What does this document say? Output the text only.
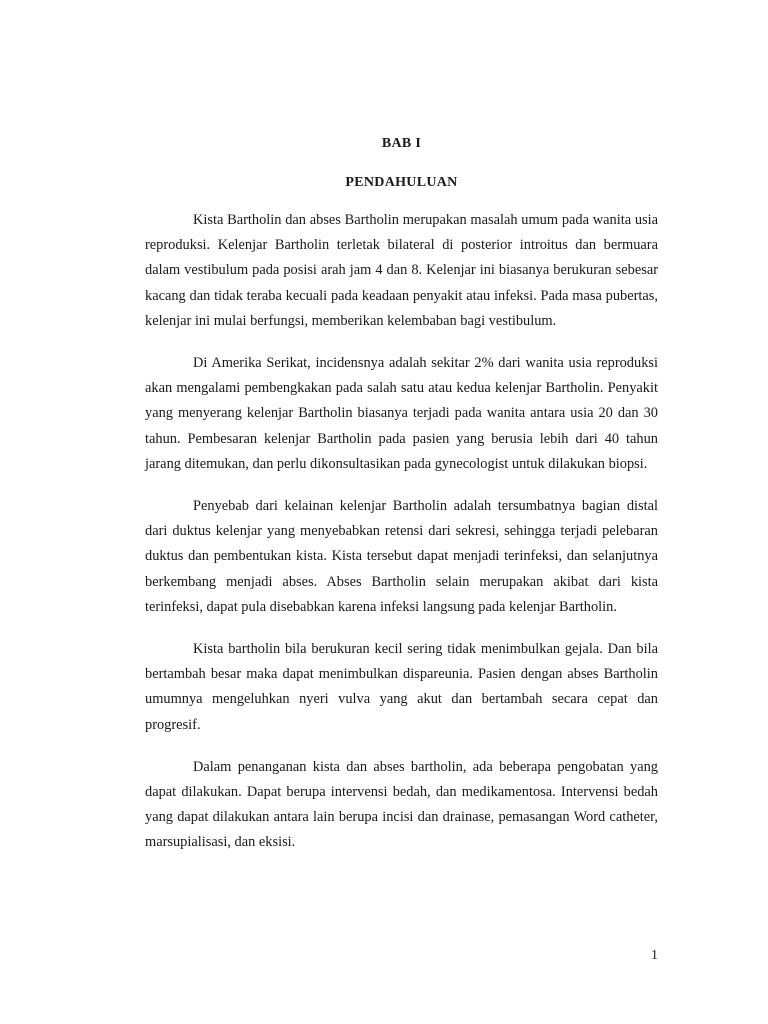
BAB I
PENDAHULUAN

Kista Bartholin dan abses Bartholin merupakan masalah umum pada wanita usia reproduksi. Kelenjar Bartholin terletak bilateral di posterior introitus dan bermuara dalam vestibulum pada posisi arah jam 4 dan 8. Kelenjar ini biasanya berukuran sebesar kacang dan tidak teraba kecuali pada keadaan penyakit atau infeksi. Pada masa pubertas, kelenjar ini mulai berfungsi, memberikan kelembaban bagi vestibulum.

Di Amerika Serikat, incidensnya adalah sekitar 2% dari wanita usia reproduksi akan mengalami pembengkakan pada salah satu atau kedua kelenjar Bartholin. Penyakit yang menyerang kelenjar Bartholin biasanya terjadi pada wanita antara usia 20 dan 30 tahun. Pembesaran kelenjar Bartholin pada pasien yang berusia lebih dari 40 tahun jarang ditemukan, dan perlu dikonsultasikan pada gynecologist untuk dilakukan biopsi.

Penyebab dari kelainan kelenjar Bartholin adalah tersumbatnya bagian distal dari duktus kelenjar yang menyebabkan retensi dari sekresi, sehingga terjadi pelebaran duktus dan pembentukan kista. Kista tersebut dapat menjadi terinfeksi, dan selanjutnya berkembang menjadi abses. Abses Bartholin selain merupakan akibat dari kista terinfeksi, dapat pula disebabkan karena infeksi langsung pada kelenjar Bartholin.

Kista bartholin bila berukuran kecil sering tidak menimbulkan gejala. Dan bila bertambah besar maka dapat menimbulkan dispareunia. Pasien dengan abses Bartholin umumnya mengeluhkan nyeri vulva yang akut dan bertambah secara cepat dan progresif.

Dalam penanganan kista dan abses bartholin, ada beberapa pengobatan yang dapat dilakukan. Dapat berupa intervensi bedah, dan medikamentosa. Intervensi bedah yang dapat dilakukan antara lain berupa incisi dan drainase, pemasangan Word catheter, marsupialisasi, dan eksisi.

1
